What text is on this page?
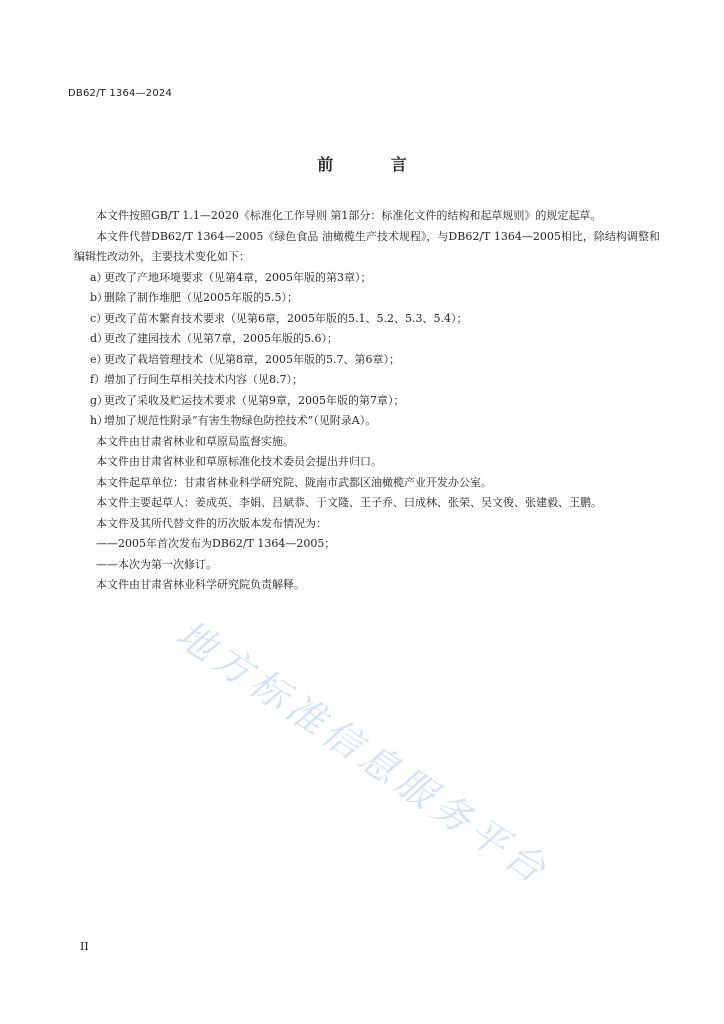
DB62/T 1364—2024
前 言

本文件按照GB/T 1.1—2020《标准化工作导则 第1部分：标准化文件的结构和起草规则》的规定起草。

本文件代替DB62/T 1364—2005《绿色食品 油橄榄生产技术规程》，与DB62/T 1364—2005相比，除结构调整和编辑性改动外，主要技术变化如下：

a）更改了产地环境要求（见第4章，2005年版的第3章）；

b）删除了制作堆肥（见2005年版的5.5）；

c）更改了苗木繁育技术要求（见第6章，2005年版的5.1、5.2、5.3、5.4）；

d）更改了建园技术（见第7章，2005年版的5.6）；

e）更改了栽培管理技术（见第8章，2005年版的5.7、第6章）；

f）增加了行间生草相关技术内容（见8.7）；

g）更改了采收及贮运技术要求（见第9章，2005年版的第7章）；

h）增加了规范性附录“有害生物绿色防控技术”（见附录A）。

本文件由甘肃省林业和草原局监督实施。

本文件由甘肃省林业和草原标准化技术委员会提出并归口。

本文件起草单位：甘肃省林业科学研究院、陇南市武都区油橄榄产业开发办公室。

本文件主要起草人：姜成英、李娟、吕斌恭、于文隆、王子乔、曰成林、张荣、吴文俊、张建毅、王鹏。

本文件及其所代替文件的历次版本发布情况为：

——2005年首次发布为DB62/T 1364—2005；

——本次为第一次修订。

本文件由甘肃省林业科学研究院负责解释。

地方标准信息服务平台
II
